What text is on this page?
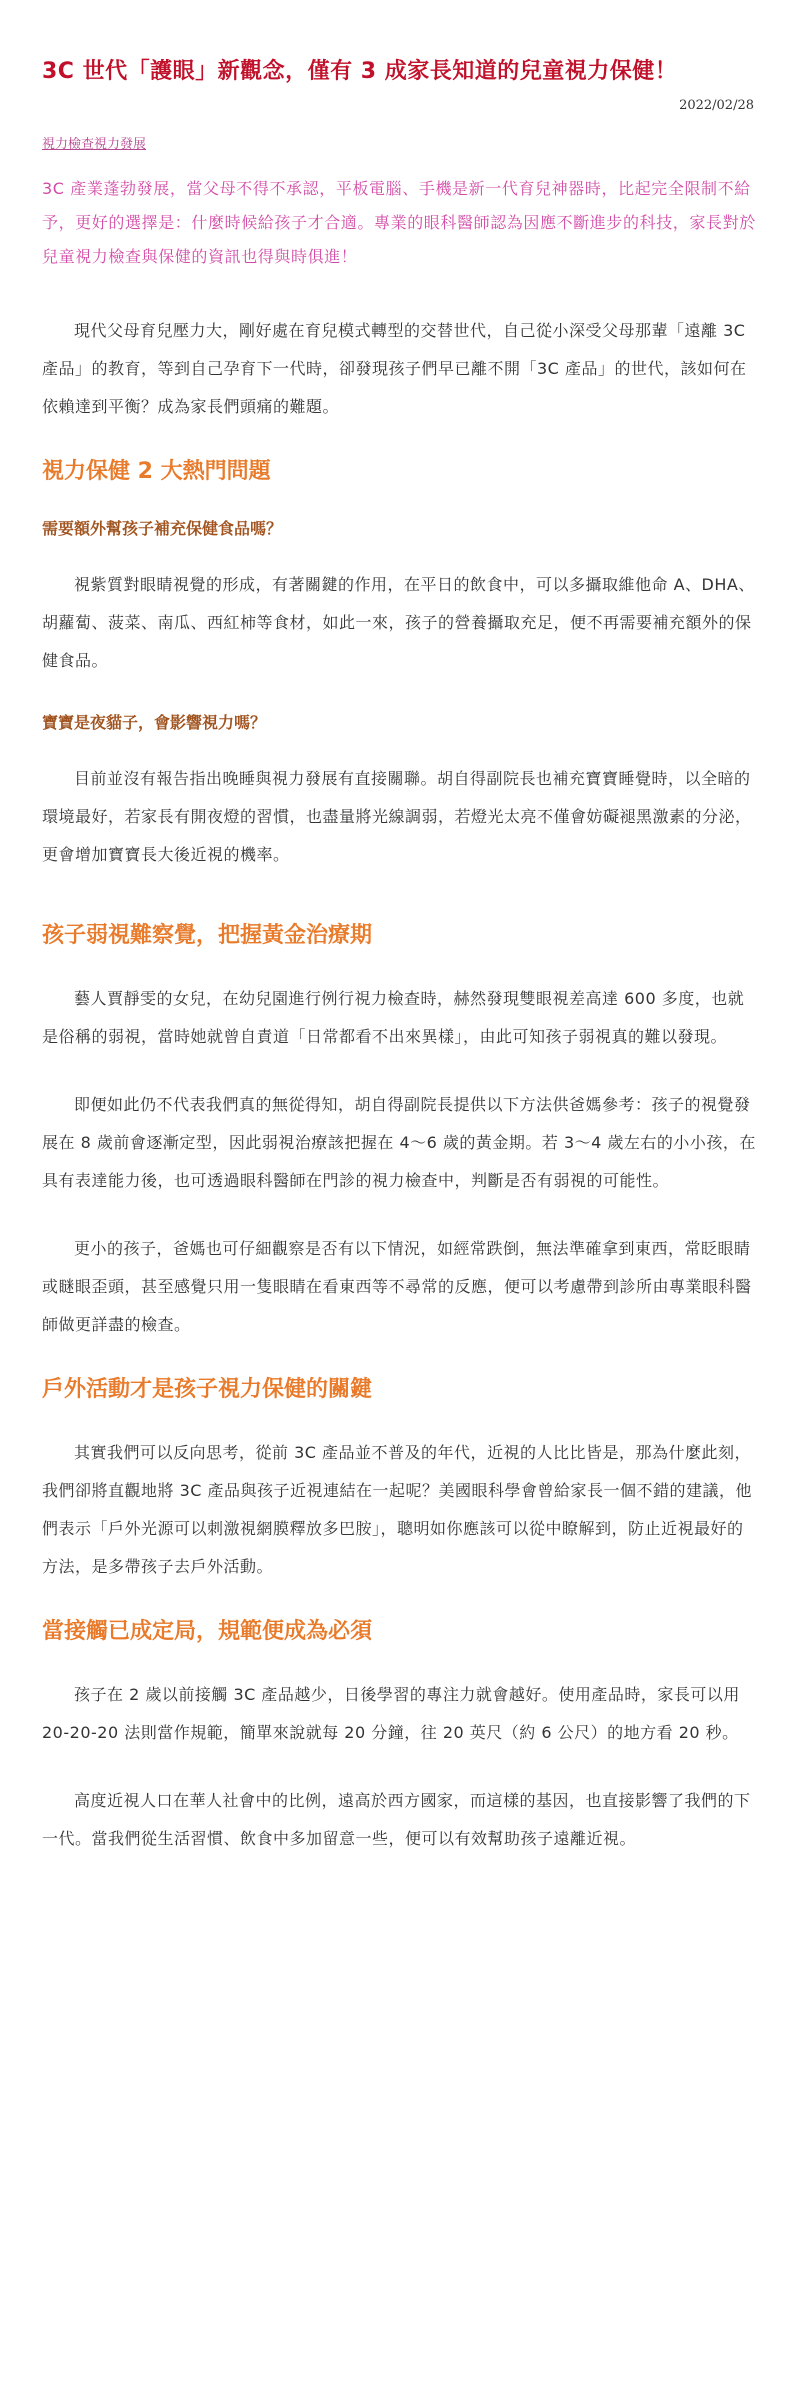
3C 世代「護眼」新觀念，僅有 3 成家長知道的兒童視力保健！
2022/02/28
視力檢查視力發展

3C 產業蓬勃發展，當父母不得不承認，平板電腦、手機是新一代育兒神器時，比起完全限制不給予，更好的選擇是：什麼時候給孩子才合適。專業的眼科醫師認為因應不斷進步的科技，家長對於兒童視力檢查與保健的資訊也得與時俱進！

現代父母育兒壓力大，剛好處在育兒模式轉型的交替世代，自己從小深受父母那輩「遠離 3C 產品」的教育，等到自己孕育下一代時，卻發現孩子們早已離不開「3C 產品」的世代，該如何在依賴達到平衡？成為家長們頭痛的難題。

視力保健 2 大熱門問題
需要額外幫孩子補充保健食品嗎？

視紫質對眼睛視覺的形成，有著關鍵的作用，在平日的飲食中，可以多攝取維他命 A、DHA、胡蘿蔔、菠菜、南瓜、西紅柿等食材，如此一來，孩子的營養攝取充足，便不再需要補充額外的保健食品。

寶寶是夜貓子，會影響視力嗎？

目前並沒有報告指出晚睡與視力發展有直接關聯。胡自得副院長也補充寶寶睡覺時，以全暗的環境最好，若家長有開夜燈的習慣，也盡量將光線調弱，若燈光太亮不僅會妨礙褪黑激素的分泌，更會增加寶寶長大後近視的機率。

孩子弱視難察覺，把握黃金治療期

藝人賈靜雯的女兒，在幼兒園進行例行視力檢查時，赫然發現雙眼視差高達 600 多度，也就是俗稱的弱視，當時她就曾自責道「日常都看不出來異樣」，由此可知孩子弱視真的難以發現。

即便如此仍不代表我們真的無從得知，胡自得副院長提供以下方法供爸媽參考：孩子的視覺發展在 8 歲前會逐漸定型，因此弱視治療該把握在 4～6 歲的黃金期。若 3～4 歲左右的小小孩，在具有表達能力後，也可透過眼科醫師在門診的視力檢查中，判斷是否有弱視的可能性。

更小的孩子，爸媽也可仔細觀察是否有以下情況，如經常跌倒，無法準確拿到東西，常眨眼睛或瞇眼歪頭，甚至感覺只用一隻眼睛在看東西等不尋常的反應，便可以考慮帶到診所由專業眼科醫師做更詳盡的檢查。

戶外活動才是孩子視力保健的關鍵

其實我們可以反向思考，從前 3C 產品並不普及的年代，近視的人比比皆是，那為什麼此刻，我們卻將直觀地將 3C 產品與孩子近視連結在一起呢？美國眼科學會曾給家長一個不錯的建議，他們表示「戶外光源可以刺激視網膜釋放多巴胺」，聰明如你應該可以從中瞭解到，防止近視最好的方法，是多帶孩子去戶外活動。

當接觸已成定局，規範便成為必須

孩子在 2 歲以前接觸 3C 產品越少，日後學習的專注力就會越好。使用產品時，家長可以用 20-20-20 法則當作規範，簡單來說就每 20 分鐘，往 20 英尺（約 6 公尺）的地方看 20 秒。

高度近視人口在華人社會中的比例，遠高於西方國家，而這樣的基因，也直接影響了我們的下一代。當我們從生活習慣、飲食中多加留意一些，便可以有效幫助孩子遠離近視。
